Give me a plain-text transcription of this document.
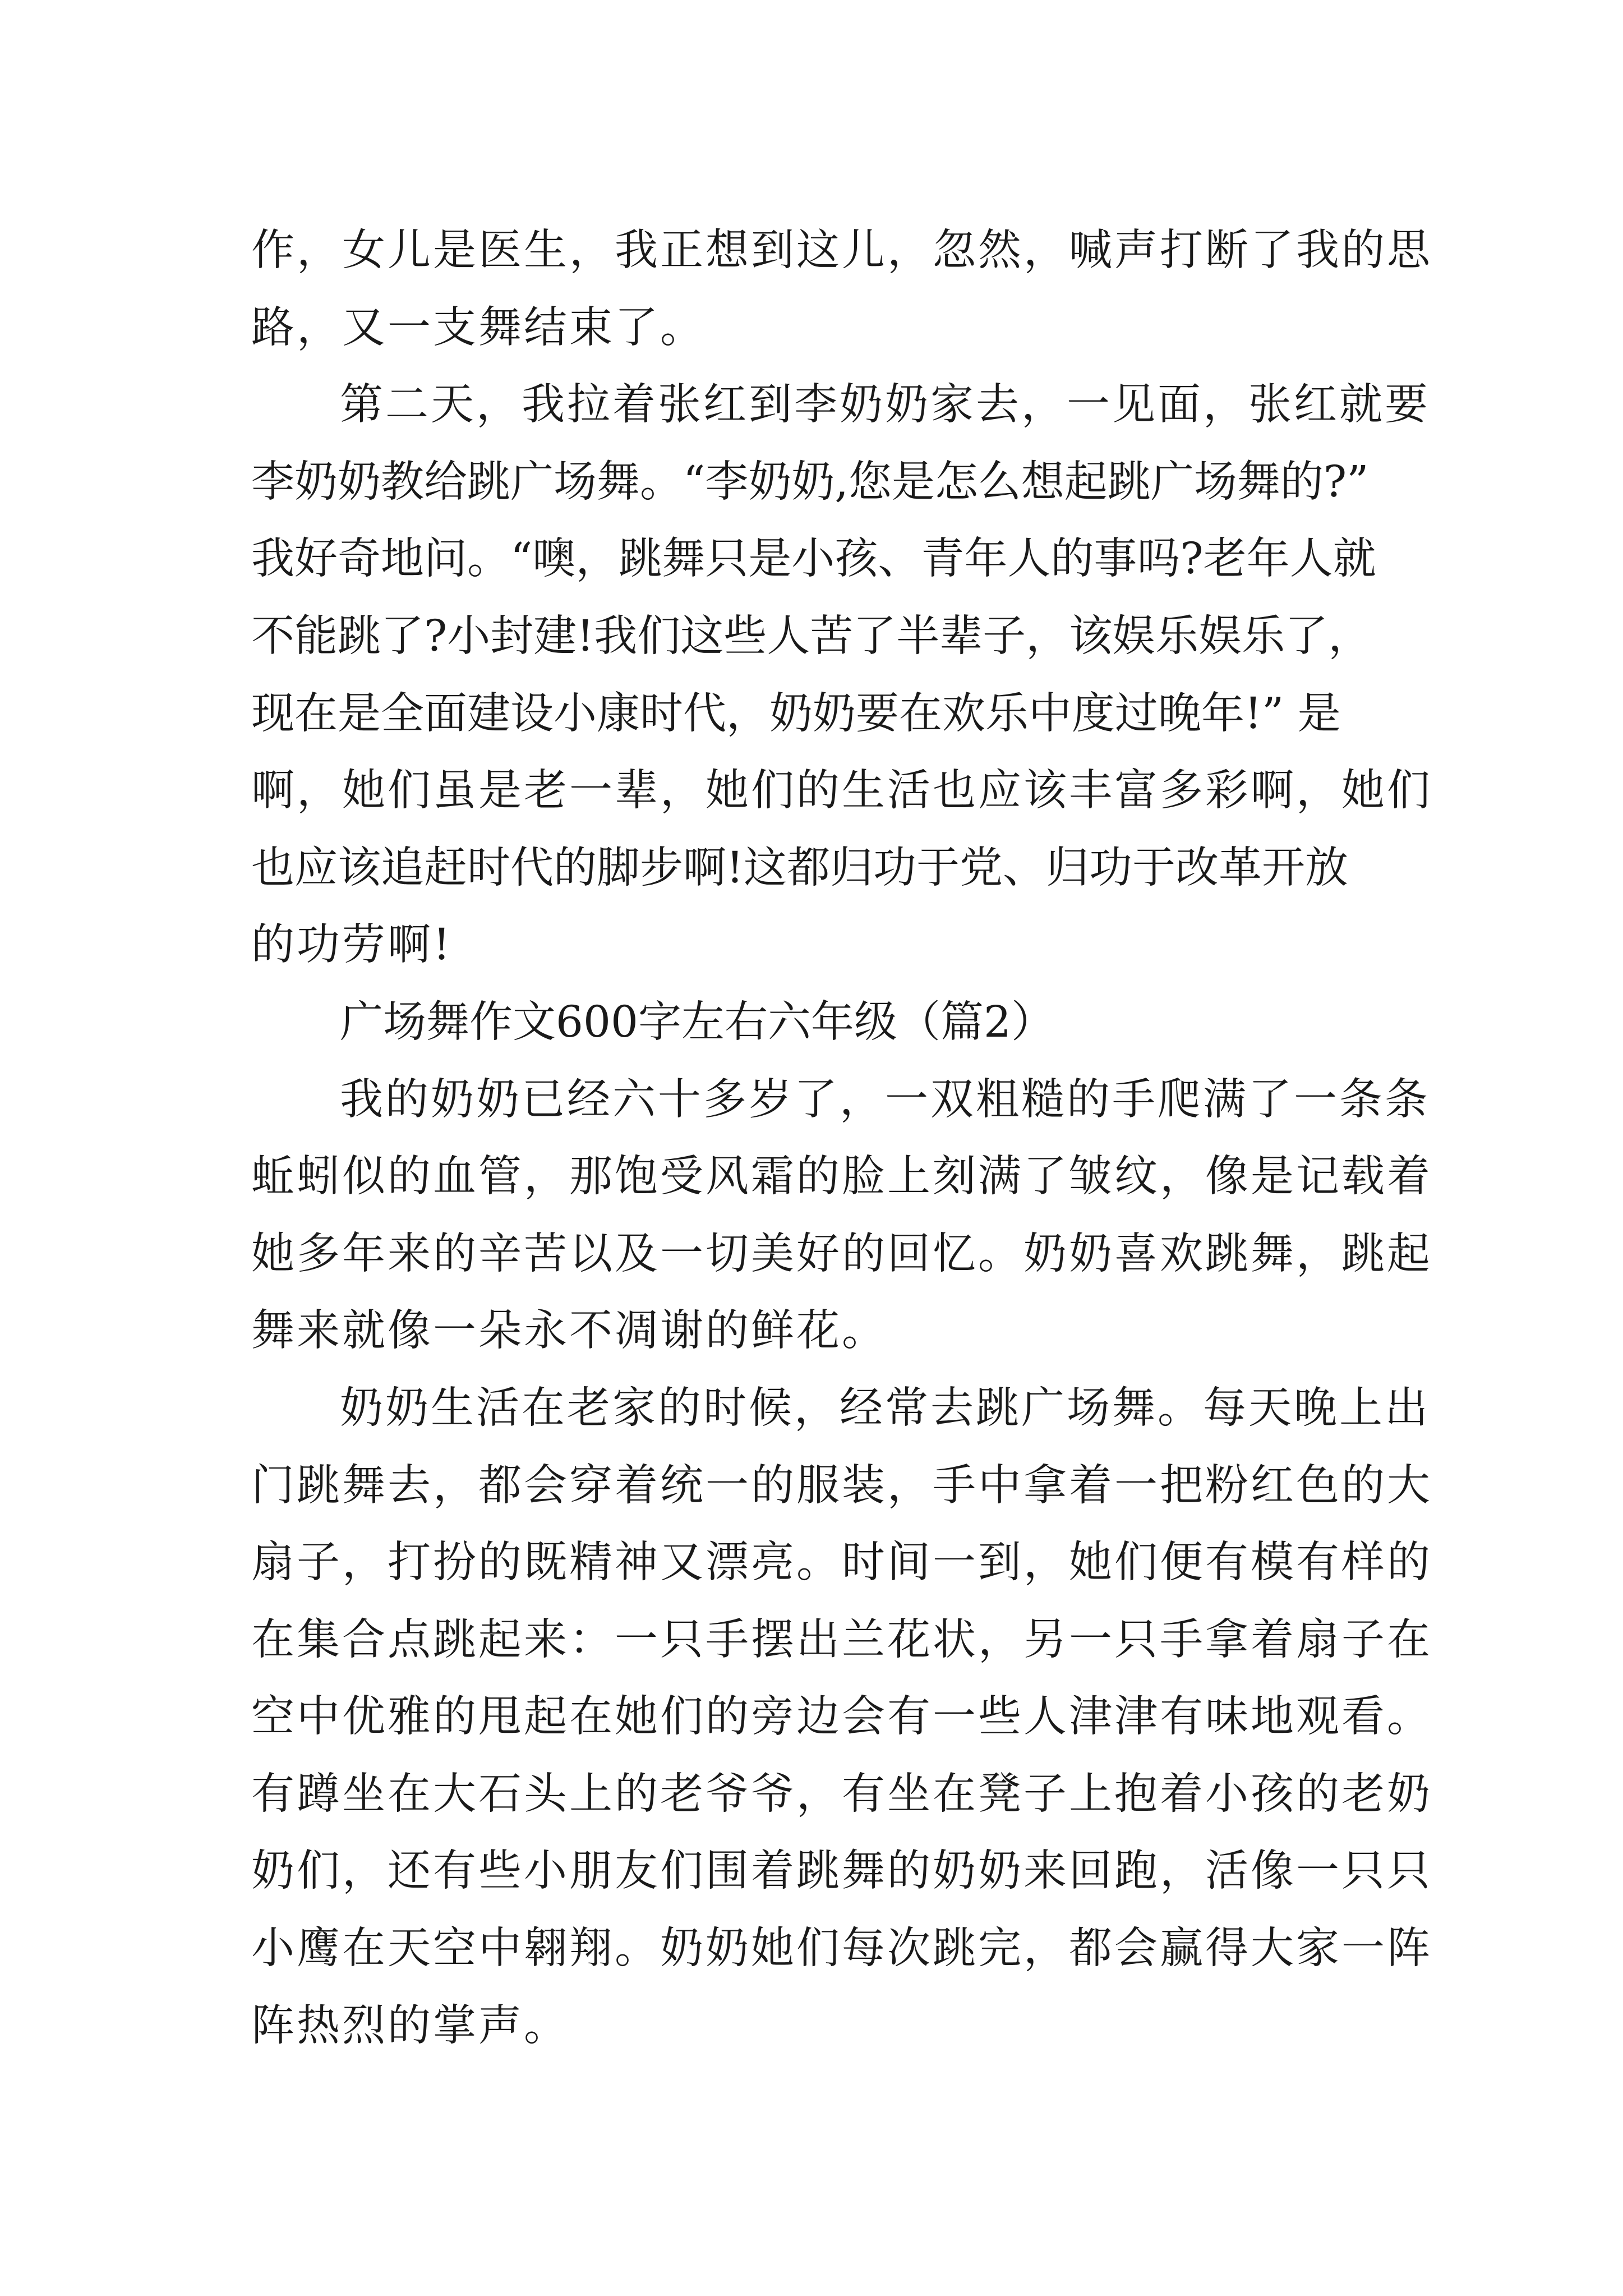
作，女儿是医生，我正想到这儿，忽然，喊声打断了我的思
路，又一支舞结束了。
第二天，我拉着张红到李奶奶家去，一见面，张红就要
李奶奶教给跳广场舞。“李奶奶,您是怎么想起跳广场舞的?”
我好奇地问。“噢，跳舞只是小孩、青年人的事吗?老年人就
不能跳了?小封建!我们这些人苦了半辈子，该娱乐娱乐了，
现在是全面建设小康时代，奶奶要在欢乐中度过晚年!” 是
啊，她们虽是老一辈，她们的生活也应该丰富多彩啊，她们
也应该追赶时代的脚步啊!这都归功于党、归功于改革开放
的功劳啊!
广场舞作文600字左右六年级（篇2）
我的奶奶已经六十多岁了，一双粗糙的手爬满了一条条
蚯蚓似的血管，那饱受风霜的脸上刻满了皱纹，像是记载着
她多年来的辛苦以及一切美好的回忆。奶奶喜欢跳舞，跳起
舞来就像一朵永不凋谢的鲜花。
奶奶生活在老家的时候，经常去跳广场舞。每天晚上出
门跳舞去，都会穿着统一的服装，手中拿着一把粉红色的大
扇子，打扮的既精神又漂亮。时间一到，她们便有模有样的
在集合点跳起来：一只手摆出兰花状，另一只手拿着扇子在
空中优雅的甩起在她们的旁边会有一些人津津有味地观看。
有蹲坐在大石头上的老爷爷，有坐在凳子上抱着小孩的老奶
奶们，还有些小朋友们围着跳舞的奶奶来回跑，活像一只只
小鹰在天空中翱翔。奶奶她们每次跳完，都会赢得大家一阵
阵热烈的掌声。
